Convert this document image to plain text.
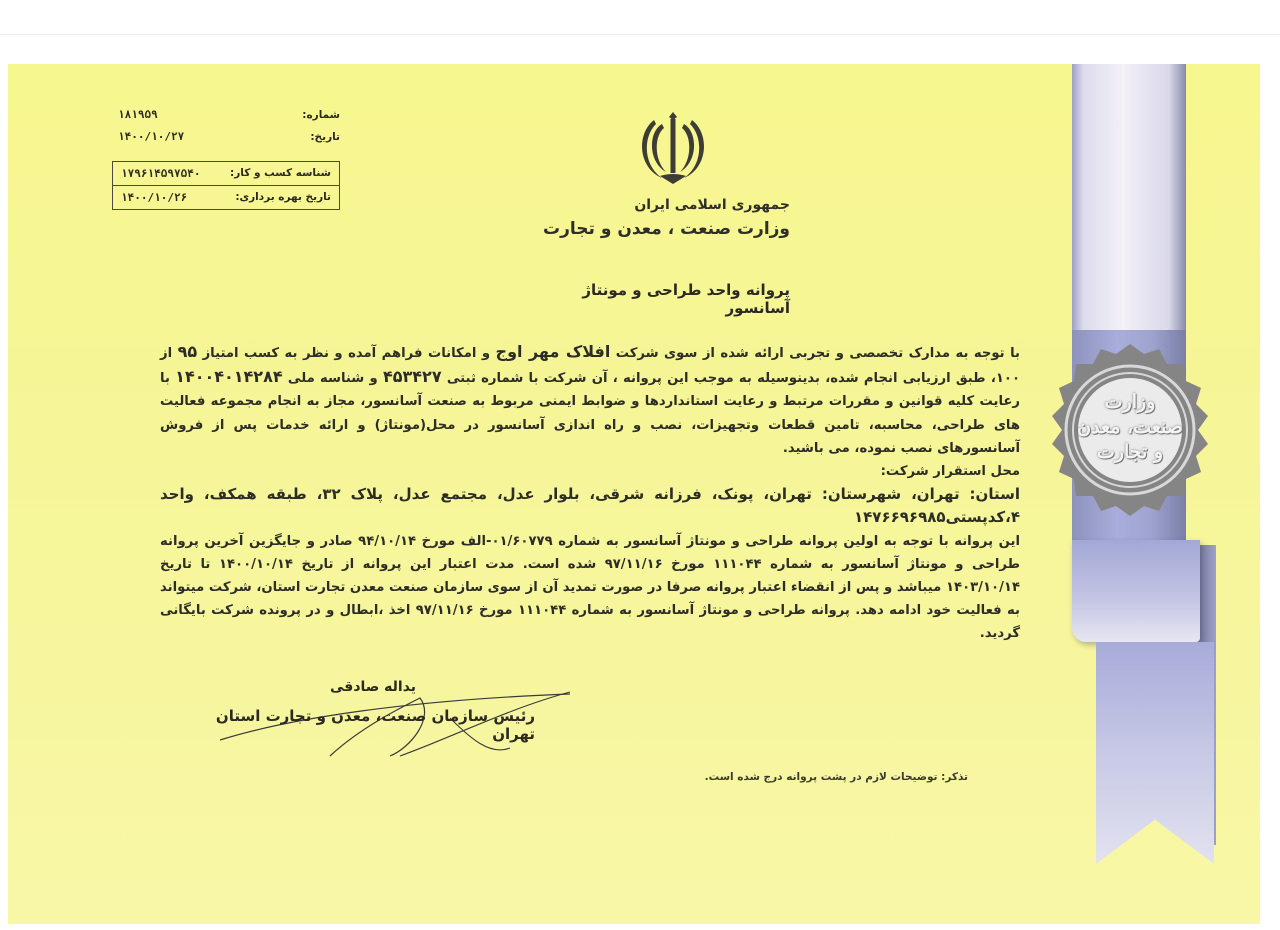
وزارت
صنعت، معدن
و تجارت
شماره:
۱۸۱۹۵۹
تاریخ:
۱۴۰۰/۱۰/۲۷
شناسه کسب و کار:
۱۷۹۶۱۴۵۹۷۵۴۰
تاریخ بهره برداری:
۱۴۰۰/۱۰/۲۶	جمهوری اسلامی ایران
وزارت صنعت ، معدن و تجارت
پروانه واحد طراحی و مونتاژ آسانسور

با توجه به مدارک تخصصی و تجربی ارائه شده از سوی شرکت افلاک مهر اوج و امکانات فراهم آمده و نظر به کسب امتیاز ۹۵ از ۱۰۰، طبق ارزیابی انجام شده، بدینوسیله به موجب این پروانه ، آن شرکت با شماره ثبتی ۴۵۳۴۲۷ و شناسه ملی ۱۴۰۰۴۰۱۴۲۸۴ با رعایت کلیه قوانین و مقررات مرتبط و رعایت استانداردها و ضوابط ایمنی مربوط به صنعت آسانسور، مجاز به انجام مجموعه فعالیت های طراحی، محاسبه، تامین قطعات وتجهیزات، نصب و راه اندازی آسانسور در محل(مونتاژ) و ارائه خدمات پس از فروش آسانسورهای نصب نموده، می باشید.

محل استقرار شرکت:

استان: تهران، شهرستان: تهران، پونک، فرزانه شرقی، بلوار عدل، مجتمع عدل، پلاک ۳۲، طبقه همکف، واحد ۴،کدپستی۱۴۷۶۶۹۶۹۸۵

این پروانه با توجه به اولین پروانه طراحی و مونتاژ آسانسور به شماره ۰۱/۶۰۷۷۹-الف مورخ ۹۴/۱۰/۱۴ صادر و جایگزین آخرین پروانه طراحی و مونتاژ آسانسور به شماره ۱۱۱۰۴۴ مورخ ۹۷/۱۱/۱۶ شده است. مدت اعتبار این پروانه از تاریخ ۱۴۰۰/۱۰/۱۴ تا تاریخ ۱۴۰۳/۱۰/۱۴ میباشد و پس از انقضاء اعتبار پروانه صرفا در صورت تمدید آن از سوی سازمان صنعت معدن تجارت استان، شرکت میتواند به فعالیت خود ادامه دهد. پروانه طراحی و مونتاژ آسانسور به شماره ۱۱۱۰۴۴ مورخ ۹۷/۱۱/۱۶ اخذ ،ابطال و در پرونده شرکت بایگانی گردید.

یداله صادقی
رئیس سازمان صنعت، معدن و تجارت استان تهران
تذکر: توضیحات لازم در پشت پروانه درج شده است.
